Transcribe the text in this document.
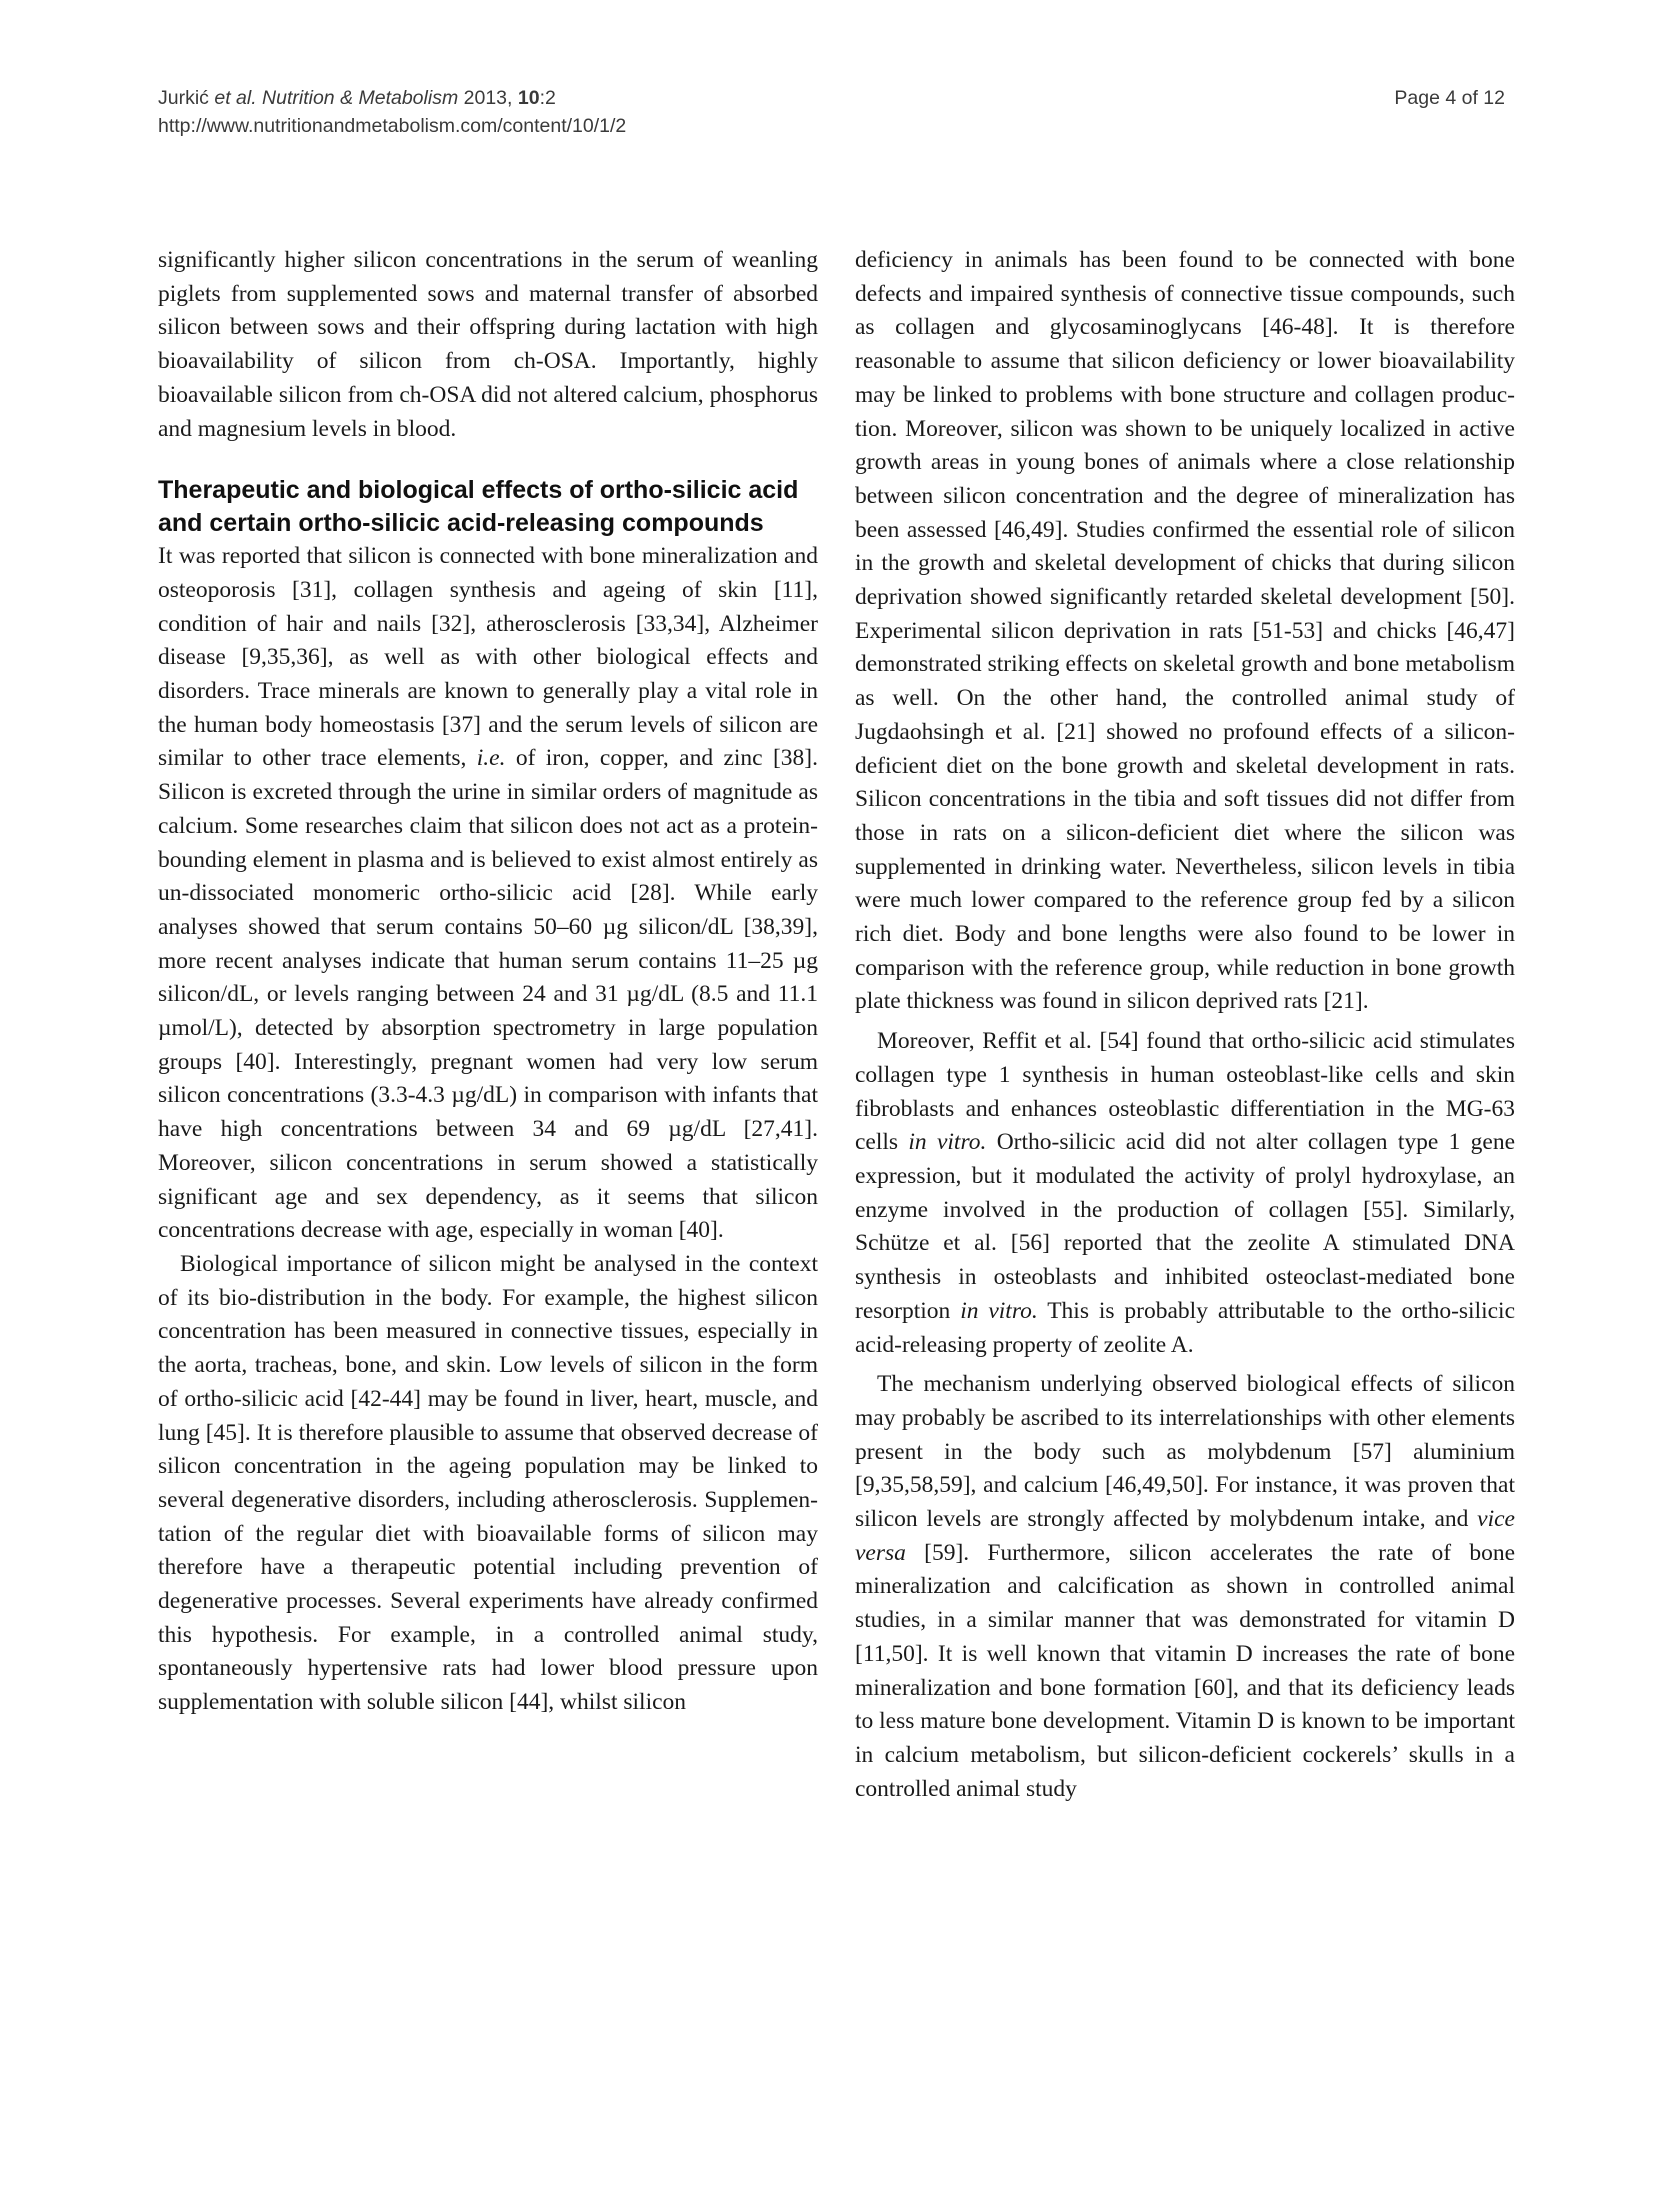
Jurkić et al. Nutrition & Metabolism 2013, 10:2	Page 4 of 12
http://www.nutritionandmetabolism.com/content/10/1/2

significantly higher silicon concentrations in the serum of weanling piglets from supplemented sows and maternal transfer of absorbed silicon between sows and their offspring during lactation with high bioavailability of silicon from ch-OSA. Importantly, highly bioavailable silicon from ch-OSA did not altered calcium, phosphorus and magnesium levels in blood.

Therapeutic and biological effects of ortho-silicic acid and certain ortho-silicic acid-releasing compounds

It was reported that silicon is connected with bone mineralization and osteoporosis [31], collagen synthesis and ageing of skin [11], condition of hair and nails [32], atherosclerosis [33,34], Alzheimer disease [9,35,36], as well as with other biological effects and disorders. Trace minerals are known to generally play a vital role in the human body homeostasis [37] and the serum levels of silicon are similar to other trace elements, i.e. of iron, copper, and zinc [38]. Silicon is excreted through the urine in similar orders of magnitude as calcium. Some researches claim that silicon does not act as a protein-bounding element in plasma and is believed to exist almost entirely as un-dissociated monomeric ortho-silicic acid [28]. While early analyses showed that serum contains 50–60 µg silicon/dL [38,39], more recent analyses indicate that human serum contains 11–25 µg silicon/dL, or levels ranging between 24 and 31 µg/dL (8.5 and 11.1 µmol/L), detected by absorption spectrometry in large population groups [40]. Interestingly, pregnant women had very low serum silicon concentrations (3.3-4.3 µg/dL) in comparison with infants that have high concentrations between 34 and 69 µg/dL [27,41]. Moreover, silicon concentrations in serum showed a statistically significant age and sex dependency, as it seems that silicon concentrations decrease with age, especially in woman [40].

Biological importance of silicon might be analysed in the context of its bio-distribution in the body. For example, the highest silicon concentration has been measured in connective tissues, especially in the aorta, tracheas, bone, and skin. Low levels of silicon in the form of ortho-silicic acid [42-44] may be found in liver, heart, muscle, and lung [45]. It is therefore plausible to assume that observed decrease of silicon concentration in the ageing population may be linked to several degenerative disorders, including atherosclerosis. Supplementation of the regular diet with bioavailable forms of silicon may therefore have a therapeutic potential including prevention of degenerative processes. Several experiments have already confirmed this hypothesis. For example, in a controlled animal study, spontaneously hypertensive rats had lower blood pressure upon supplementation with soluble silicon [44], whilst silicon

deficiency in animals has been found to be connected with bone defects and impaired synthesis of connective tissue compounds, such as collagen and glycosaminoglycans [46-48]. It is therefore reasonable to assume that silicon deficiency or lower bioavailability may be linked to problems with bone structure and collagen production. Moreover, silicon was shown to be uniquely localized in active growth areas in young bones of animals where a close relationship between silicon concentration and the degree of mineralization has been assessed [46,49]. Studies confirmed the essential role of silicon in the growth and skeletal development of chicks that during silicon deprivation showed significantly retarded skeletal development [50]. Experimental silicon deprivation in rats [51-53] and chicks [46,47] demonstrated striking effects on skeletal growth and bone metabolism as well. On the other hand, the controlled animal study of Jugdaohsingh et al. [21] showed no profound effects of a silicon-deficient diet on the bone growth and skeletal development in rats. Silicon concentrations in the tibia and soft tissues did not differ from those in rats on a silicon-deficient diet where the silicon was supplemented in drinking water. Nevertheless, silicon levels in tibia were much lower compared to the reference group fed by a silicon rich diet. Body and bone lengths were also found to be lower in comparison with the reference group, while reduction in bone growth plate thickness was found in silicon deprived rats [21].

Moreover, Reffit et al. [54] found that ortho-silicic acid stimulates collagen type 1 synthesis in human osteoblast-like cells and skin fibroblasts and enhances osteoblastic differentiation in the MG-63 cells in vitro. Ortho-silicic acid did not alter collagen type 1 gene expression, but it modulated the activity of prolyl hydroxylase, an enzyme involved in the production of collagen [55]. Similarly, Schütze et al. [56] reported that the zeolite A stimulated DNA synthesis in osteoblasts and inhibited osteoclast-mediated bone resorption in vitro. This is probably attributable to the ortho-silicic acid-releasing property of zeolite A.

The mechanism underlying observed biological effects of silicon may probably be ascribed to its interrelationships with other elements present in the body such as molybdenum [57] aluminium [9,35,58,59], and calcium [46,49,50]. For instance, it was proven that silicon levels are strongly affected by molybdenum intake, and vice versa [59]. Furthermore, silicon accelerates the rate of bone mineralization and calcification as shown in controlled animal studies, in a similar manner that was demonstrated for vitamin D [11,50]. It is well known that vitamin D increases the rate of bone mineralization and bone formation [60], and that its deficiency leads to less mature bone development. Vitamin D is known to be important in calcium metabolism, but silicon-deficient cockerels’ skulls in a controlled animal study
